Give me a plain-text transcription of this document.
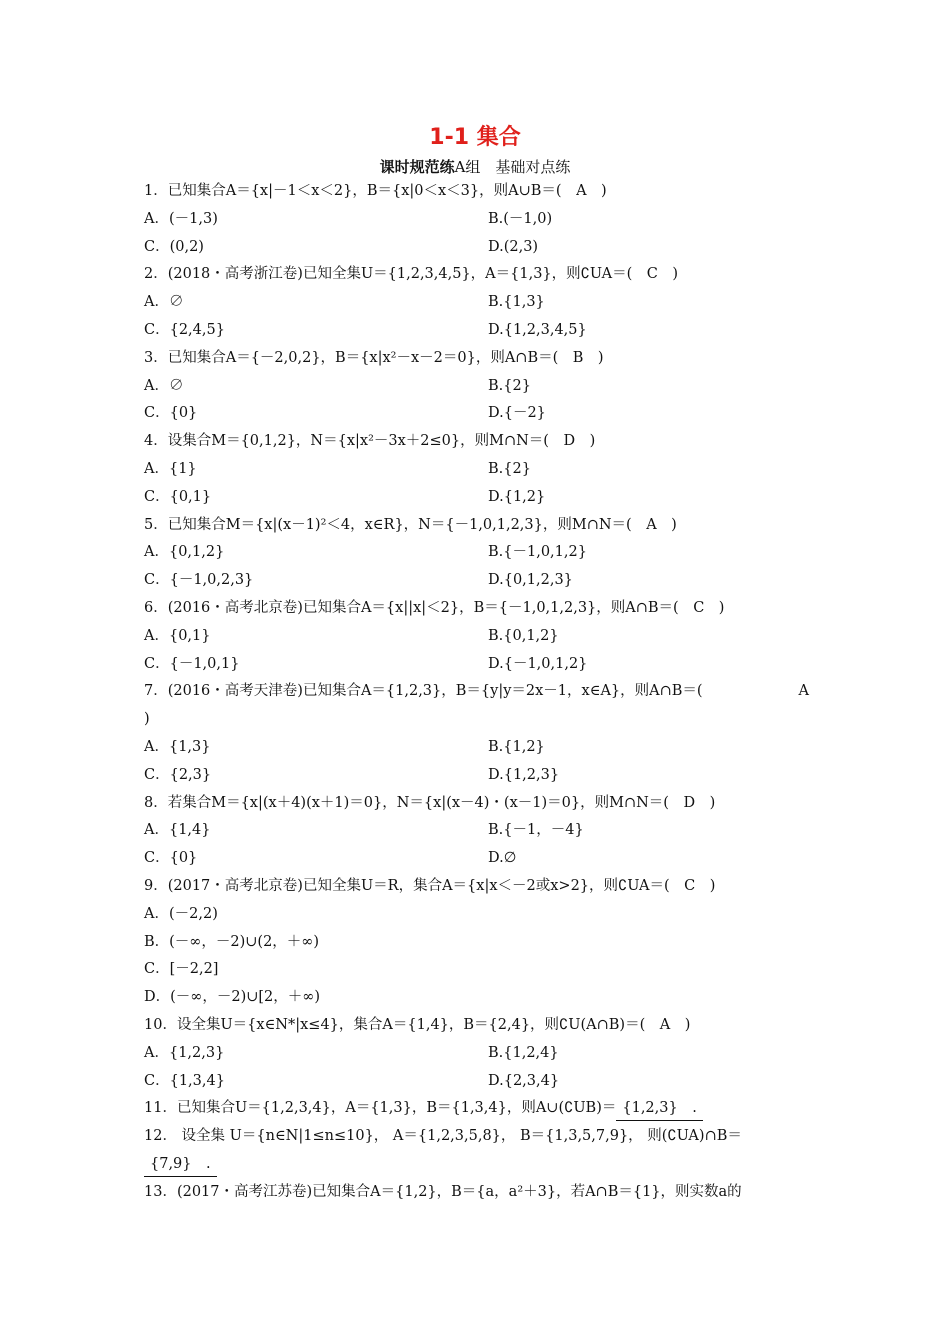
1-1 集合
课时规范练A组　基础对点练
1．已知集合A＝{x|－1＜x＜2}，B＝{x|0＜x＜3}，则A∪B＝(　A　)
A．(－1,3)	B.(－1,0)
C．(0,2)	D.(2,3)
2．(2018・高考浙江卷)已知全集U＝{1,2,3,4,5}，A＝{1,3}，则∁UA＝(　C　)
A．∅	B.{1,3}
C．{2,4,5}	D.{1,2,3,4,5}
3．已知集合A＝{－2,0,2}，B＝{x|x²－x－2＝0}，则A∩B＝(　B　)
A．∅	B.{2}
C．{0}	D.{－2}
4．设集合M＝{0,1,2}，N＝{x|x²－3x＋2≤0}，则M∩N＝(　D　)
A．{1}	B.{2}
C．{0,1}	D.{1,2}
5．已知集合M＝{x|(x－1)²＜4，x∈R}，N＝{－1,0,1,2,3}，则M∩N＝(　A　)
A．{0,1,2}	B.{－1,0,1,2}
C．{－1,0,2,3}	D.{0,1,2,3}
6．(2016・高考北京卷)已知集合A＝{x||x|＜2}，B＝{－1,0,1,2,3}，则A∩B＝(　C　)
A．{0,1}	B.{0,1,2}
C．{－1,0,1}	D.{－1,0,1,2}
7．(2016・高考天津卷)已知集合A＝{1,2,3}，B＝{y|y＝2x－1，x∈A}，则A∩B＝(	A
)
A．{1,3}	B.{1,2}
C．{2,3}	D.{1,2,3}
8．若集合M＝{x|(x＋4)(x＋1)＝0}，N＝{x|(x－4)・(x－1)＝0}，则M∩N＝(　D　)
A．{1,4}	B.{－1，－4}
C．{0}	D.∅
9．(2017・高考北京卷)已知全集U＝R，集合A＝{x|x＜－2或x>2}，则∁UA＝(　C　)
A．(－2,2)
B．(－∞，－2)∪(2，＋∞)
C．[－2,2]
D．(－∞，－2)∪[2，＋∞)
10．设全集U＝{x∈N*|x≤4}，集合A＝{1,4}，B＝{2,4}，则∁U(A∩B)＝(　A　)
A．{1,2,3}	B.{1,2,4}
C．{1,3,4}	D.{2,3,4}
11．已知集合U＝{1,2,3,4}，A＝{1,3}，B＝{1,3,4}，则A∪(∁UB)＝ {1,2,3}　 .
12． 设全集 U＝{n∈N|1≤n≤10}， A＝{1,2,3,5,8}， B＝{1,3,5,7,9}， 则(∁UA)∩B＝
{7,9}　 .
13．(2017・高考江苏卷)已知集合A＝{1,2}，B＝{a，a²＋3}，若A∩B＝{1}，则实数a的
